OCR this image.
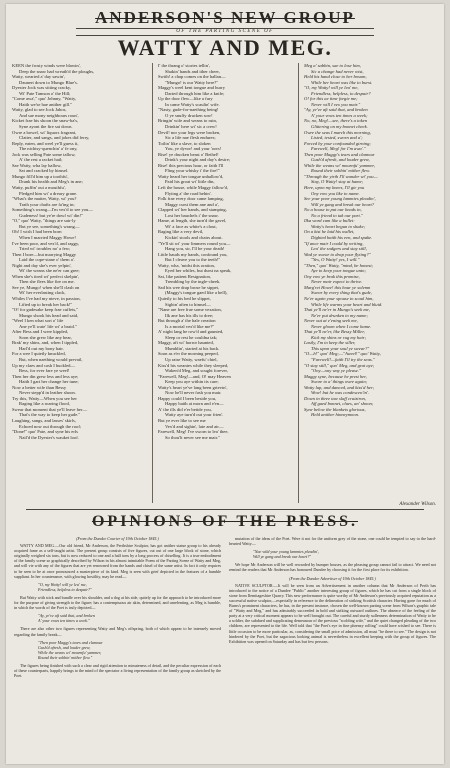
ANDERSON'S NEW GROUP
OF THE PARTING SCENE OF
WATTY AND MEG.
KEEN the frosty winds were blawin',
Deep the snaw had wreath'd the ploughs,
Watty, wearied a' day sawin',
Daunert down to Mungo Blue's.
Dyester Jock was sitting cracky,
Wi' Pate Tamson o' the Hill;
"Come awa'," quo' Johnny, "Watty,
Haith we'se hae anither gill."
Watty, glad to see Jock Jabos,
And sae mony neighbours roun',
Kicket frae his shoon the snaw-ba's,
Syne ayont the fire sat down.
Owre a bowel, wi' liquors fragrant,
Clatter, and sangs, and jokes did ferry,
Reply, eaten, and weel ye'll guess it,
The nichtsy-quenchin' a' fe ony,
Jock was selling Pate some tallow,
A' the rest a racket hail;
Sae Watty, wha lay hallow,
Sat and cracked by himsel.
Mungo fill'd him up a toothfu',
Drank his health and Meg's in ane;
Watty, puffin' out a mouthfu',
Pledged him wi' a dreary grane.
"What's the matter, Watty, wi' you?
Trath your chafts are fa'ing in;
Something's wrang—I'm vex'd to see you—
Gudeness! but ye're dowf wi' din!"
"O," quo' Watty, "things are sair-ly
But ye see, something's wrang—
Oh! I wish I had been born
When I married Maggy Howe!
I've been poor, and vex'd, and raggy,
Tried wi' troubles no' a few;
Then I bore—but marrying Maggy
Laid the cope-stane o' them a'.
Night and day she's ever yelpin',
Wi' the weans she ne'er can gree;
When she's tired wi' perfect skelpin',
Then she flees like fire on me.
See ye, Mungo! when she'll clash on
Wi' her everlasting clack,
Whiles I've had my nieve, in passion,
Lifted up to break her back!"
"O! for gudesake keep frae cuffets,"
Mungo shook his head and said,
"Weel I ken what sort o' life
Ane ye'll wate' life wi' a braid."
After Bess and I were kippled,
Soon she grew like any bear,
Brak' my shins, and, when I tippled,
Harl'd out my bony hair.
For a wee I quietly knuckled,
But, when naething would prevail,
Up my claes and cash I buckled—
Bess, for ever fare ye weel!
Then her din grew less and less aye;
Haith I gart her change her tune;
Now a better wife than Bessy
Never stepp'd in leather shoon.
Try this, Watty—When you see her
Raging like a roaring flood,
Swear that moment that ye'll leave her—
That's the way to keep her gude."
Laughing, sangs, and lasses' skirls,
Echoed now out through the roof;
"Done!" quo' Pate, and syne his erls
Nail'd the Dyester's wauket loof.
I' the thrang o' stories tellin',
Shakin' hands and ither cheer,
Swith! a chap comes on the hallan—
"Mungo! is our Watty here?"
Maggy's weel kent tongue and hurry
Darted through him like a knife;
Up the door flew—like a fury
In came Watty's scaulin' wife.
"Nasty, gude-for-naething being!
O ye snuffy drucken sow!
Bringin' wife and weans to ruin,
Drinkin' here wi' sic a crew!
Devil! nor your legs were broken,
Sic a life nae flesh endures;
Toilin' like a slave, to sloken
You, ye dyvor! and your 'oors!
Rise! ye drucken beast o' Bethel!
Drink's your night and day's desire;
Rise! this precious hour, or faith I'll
Fling your whisky i' the fire!"
Watty heard her tongue unhallow'd,
Paid his groat wi' little din,
Left the house, while Maggy fallow'd,
Flyting a' the road behin'.
Folk frae every door came lamping,
Maggy curst them ane and a',
Clapped wi' her hands, and stamping,
Lost her bauchels i' the snaw.
Hame, at length, she turn'd the gavel,
Wi' a face as white's a clout,
Raging like a very devil,
Kickin' stools and chairs about.
"Ye'll sit wi' your limmers round you—
Hang you, sir, I'll be your death!
Little hauds my hands, confound you,
But I cleave you to the teeth!"
Watty, wha, 'midst this oration,
Eyed her whiles, but durst na speak,
Sat, like patient Resignation,
Trembling by the ingle-cheek.
Sad his wee drap brose he sippet,
(Maggy's tongue gaed like a bell),
Quietly to his bed he slippet,
Sighin' aften to himsel—
"Nane are free frae some vexation,
Ilk ane has his ills to dree;
But through a' the hale creation
Is a mortal vex'd like me?"
A' night lang he row'd and gaunted,
Sleep or rest he couldna tak;
Maggy, aft wi' horror haunted,
Mumblin', started at his back.
Soon as e'er the morning peeped,
Up raise Watty, waefu' chiel,
Kiss'd his weanies while they sleeped,
Waken'd Meg, and sought forever,
"Farewell, Meg!—and, O! may Heaven
Keep you aye within its care;
Watty's heart ye've lang been grievin',
Now he'll never fash you mair.
Happy could I been beside you,
Happy baith at morn and e'en—
A' the ills did e'er betide you,
Watty aye turn'd out your frien'.
But ye ever like to see me
Vex'd and sighin', late and air—
Farewell, Meg! I've sworn to lea' thee,
So thou'lt never see me mair."
Meg a' sabbin, sae to lose him,
Sic a change had never wist,
Held his hand close to her bosom,
While her heart was like to burst.
"O, my Watty! will ye lea' me,
Friendless, helpless, to despair?
O! for this ae time forgie me;
Never will I vex you mair."
"Ay, ye've aft said that, and broken
A' your vows ten times a week;
No, no, Meg!—see, there's a token
Glittering on my bonnet cheek.
Owre the seas I march this morning,
Listed, tested, sworn and a';
Forced by your confounded girning;
Farewell, Meg! for I'm awa'."
Then poor Maggy's tears and clamour
Gush'd afresh, and louder grew,
While the weans wi' mournfu' yammer,
Round their sobbin' mither flew.
"Through the yirth I'll wander wi' you—
Stay, O Watty! stay at hame;
Here, upon my knees, I'll gie you
Ony vow you like to name.
See your poor young lammies pleadin',
Will ye gang and break our heart?
No a house to put our heads in,
No a friend to tak our part."
Ilka word cam like a bullet:
Watty's heart begun to shake;
On a kist he laid his wallet,
Dighted baith his een, and spake.
"If ance mair I could by writing,
Lea' the sodgers and stay still,
Wad ye swear to drap your flyting?"
"Yes, O Watty! yes, I will."
"Then," quo' Watty, "mind, be honest;
Aye to keep your tongue unto;
Ony vow ye brak this promise,
Never mair expect to thrive.
Marg'ret Howe! this hour ye solemn
Swear by every thing that's gude,
Ne'er again your spouse to scaul him,
While life warms your heart and bluid.
That ye'll ne'er in Mungo's seek me,
Ne'er put drunken to my name;
Never out at e'ening seek me,
Never gloom when I come hame.
That ye'll ne'er, like Bessy Miller,
Kick my shins or rug my hair;
Lastly, I'm to keep the siller,
This upon your soul ye swear?"
"O—h!" quo' Meg;—"Aweel!" quo' Watty,
"Farewell!—faith I'll try the seas."
"O stay still," quo' Meg, and grat aye;
"Ony—ony way ye please."
Maggy syne, because he prest her,
Swore to a' things owre again;
Watty lap, and danced, and kiss'd her;
Wow! but he was condescen'in'.
Down in three taw slaff cruiziron,
Aff gaed bonnet, claes, an' shoon;
Syne below the blankets glorious,
Held anither hinneymoon.
Alexander Wilson.
OPINIONS OF THE PRESS.
(From the Dundee Courier of 19th October 1845.)

WATTY AND MEG.—Our old friend, Mr Anderson, the Perthshire Sculptor, has got anither statue group to his already acquired fame as a self-taught artist. The present group consists of five figures, cut out of one large block of stone, which originally weighed six tons, but is now reduced to one and a half tons by a long process of chiselling. It is a true embodiment of the family scene so graphically described by Wilson in his almost inimitable Poem of the Parting Scene of Watty and Meg, and will vie with any of the figures that are yet renowned from the hands and chisel of the same artist. In fact it only requires to be seen to be at once pronounced a masterpiece of its kind. Meg is seen with grief depicted in the features of a humble suppliant. In her countenance, with glowing hostility, may be read—

"O, my Watty! will ye lea' me,
Friendless, helpless to despair?"

But Watty with stick and bundle over his shoulder, and a dog at his side, quitely up for the approach to be introduced more for the purpose of giving strength to the figure; has a contemptuous air akin, determined, and unrelenting, as Meg is humble, in which the words of the Poet is truly depicted—

"Ay, ye've aft said that, and broken
A' your vows ten times a week."

There are also other two figures representing Watty and Meg's offspring, both of which appear to be intensely moved regarding the family break—

"Then poor Maggy's tears and clamour
Gush'd afresh, and louder grew,
While the weans wi' mournfu' yammer,
Round their sobbin' mither flew."

The figures being finished with such a clear and rigid attention to minuteness of detail, and the peculiar expression of each of these counterparts, happily brings to the mind of the spectator a living representation of the family group as sketched by the Poet.

mutation of the ideas of the Poet. Were it not for the uniform grey of the stone, one could be tempted to say to the hard-hearted Watty—

"Nae wild your young lammies pleadin',
Will ye gang and break our heart?"

We hope Mr Anderson will be well rewarded by bumper houses, as the pleasing group cannot fail to attract. We need not remind the readers that Mr Anderson has honoured Dundee by choosing it for the first place for its exhibition.

(From the Dundee Advertiser of 19th October 1845.)

NATIVE SCULPTOR.—It will be seen from an Advertisement in another column that Mr Anderson of Perth has introduced to the notice of a Dundee "Public" another interesting group of figures, which he has cut from a single block of stone from Ilemitageshire Quarry. This new performance is quite worthy of Mr Anderson's previously acquired reputation as a successful native sculptor,—especially in reference to the delineation of striking Scottish character. Having gone for much of Burns's prominent characters, he has, in the present instance, chosen the well-known parting scene from Wilson's graphic tale of "Watty and Meg," and has admirably succeeded in bold and striking outward outlines. The absence of the feeling of the party at a very critical moment appears to be well brought out. The careful and sturdy sullenness determination of Watty to be a soldier, the subdued and supplicating demeanour of the previous "scolding wife," and the quiet changed pleading of the two children, are represented to the life. Well told that "the Poet's eye in fine phrenzy rolling" could have wished to see. There is little occasion to be more particular, as, considering the small price of admission, all must "be there to see." The design is not hindered by the Poet, but the sagacious looking animal is nevertheless in excellent keeping with the group of figures. The Exhibition was opened on Saturday and has but few persons.
